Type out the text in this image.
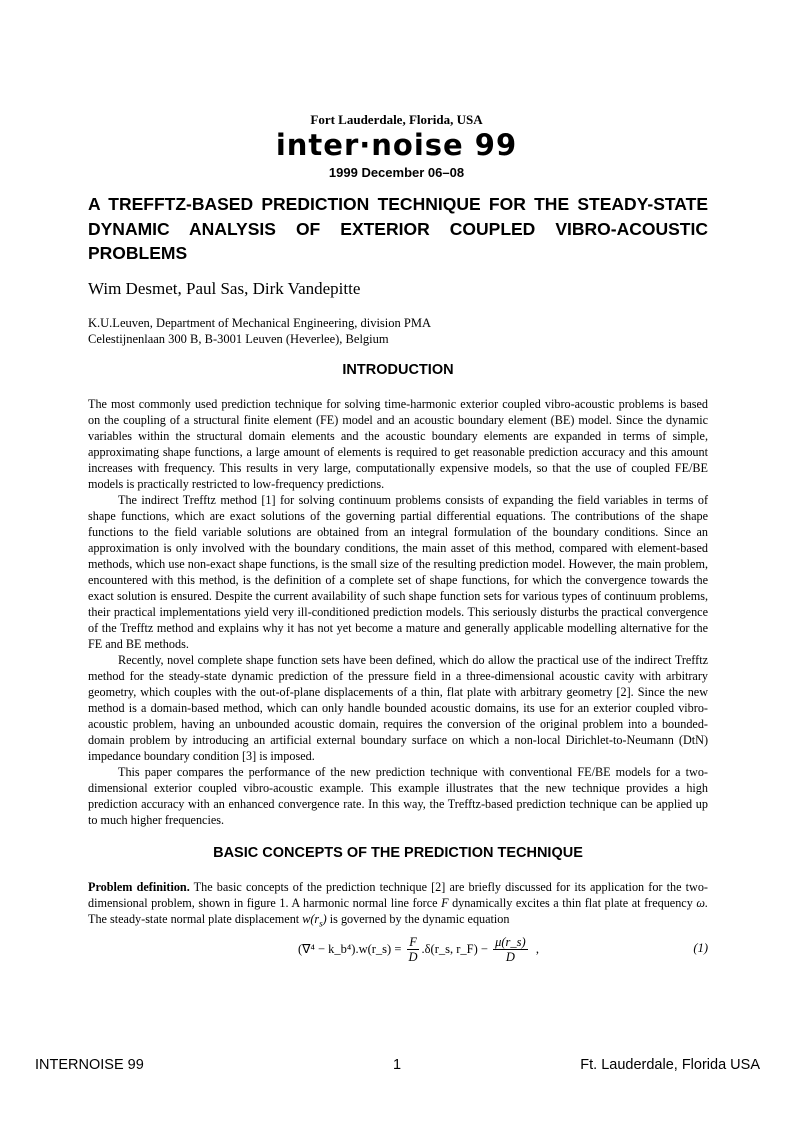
Fort Lauderdale, Florida, USA
inter·noise 99
1999 December 06–08
A TREFFTZ-BASED PREDICTION TECHNIQUE FOR THE STEADY-STATE DYNAMIC ANALYSIS OF EXTERIOR COUPLED VIBRO-ACOUSTIC PROBLEMS
Wim Desmet, Paul Sas, Dirk Vandepitte
K.U.Leuven, Department of Mechanical Engineering, division PMA
Celestijnenlaan 300 B, B-3001 Leuven (Heverlee), Belgium
INTRODUCTION

The most commonly used prediction technique for solving time-harmonic exterior coupled vibro-acoustic problems is based on the coupling of a structural finite element (FE) model and an acoustic boundary element (BE) model. Since the dynamic variables within the structural domain elements and the acoustic boundary elements are expanded in terms of simple, approximating shape functions, a large amount of elements is required to get reasonable prediction accuracy and this amount increases with frequency. This results in very large, computationally expensive models, so that the use of coupled FE/BE models is practically restricted to low-frequency predictions.

The indirect Trefftz method [1] for solving continuum problems consists of expanding the field variables in terms of shape functions, which are exact solutions of the governing partial differential equations. The contributions of the shape functions to the field variable solutions are obtained from an integral formulation of the boundary conditions. Since an approximation is only involved with the boundary conditions, the main asset of this method, compared with element-based methods, which use non-exact shape functions, is the small size of the resulting prediction model. However, the main problem, encountered with this method, is the definition of a complete set of shape functions, for which the convergence towards the exact solution is ensured. Despite the current availability of such shape function sets for various types of continuum problems, their practical implementations yield very ill-conditioned prediction models. This seriously disturbs the practical convergence of the Trefftz method and explains why it has not yet become a mature and generally applicable modelling alternative for the FE and BE methods.

Recently, novel complete shape function sets have been defined, which do allow the practical use of the indirect Trefftz method for the steady-state dynamic prediction of the pressure field in a three-dimensional acoustic cavity with arbitrary geometry, which couples with the out-of-plane displacements of a thin, flat plate with arbitrary geometry [2]. Since the new method is a domain-based method, which can only handle bounded acoustic domains, its use for an exterior coupled vibro-acoustic problem, having an unbounded acoustic domain, requires the conversion of the original problem into a bounded-domain problem by introducing an artificial external boundary surface on which a non-local Dirichlet-to-Neumann (DtN) impedance boundary condition [3] is imposed.

This paper compares the performance of the new prediction technique with conventional FE/BE models for a two-dimensional exterior coupled vibro-acoustic example. This example illustrates that the new technique provides a high prediction accuracy with an enhanced convergence rate. In this way, the Trefftz-based prediction technique can be applied up to much higher frequencies.

BASIC CONCEPTS OF THE PREDICTION TECHNIQUE

Problem definition. The basic concepts of the prediction technique [2] are briefly discussed for its application for the two-dimensional problem, shown in figure 1. A harmonic normal line force F dynamically excites a thin flat plate at frequency ω. The steady-state normal plate displacement $w(r_s)$ is governed by the dynamic equation

(∇⁴ − k_b⁴).w(r_s) =
$\frac{F}{D}$ .δ(r_s, r_F) −
$\frac{\mu(r\_s)}{D}$
,	(1)
INTERNOISE 99	1	Ft. Lauderdale, Florida USA
